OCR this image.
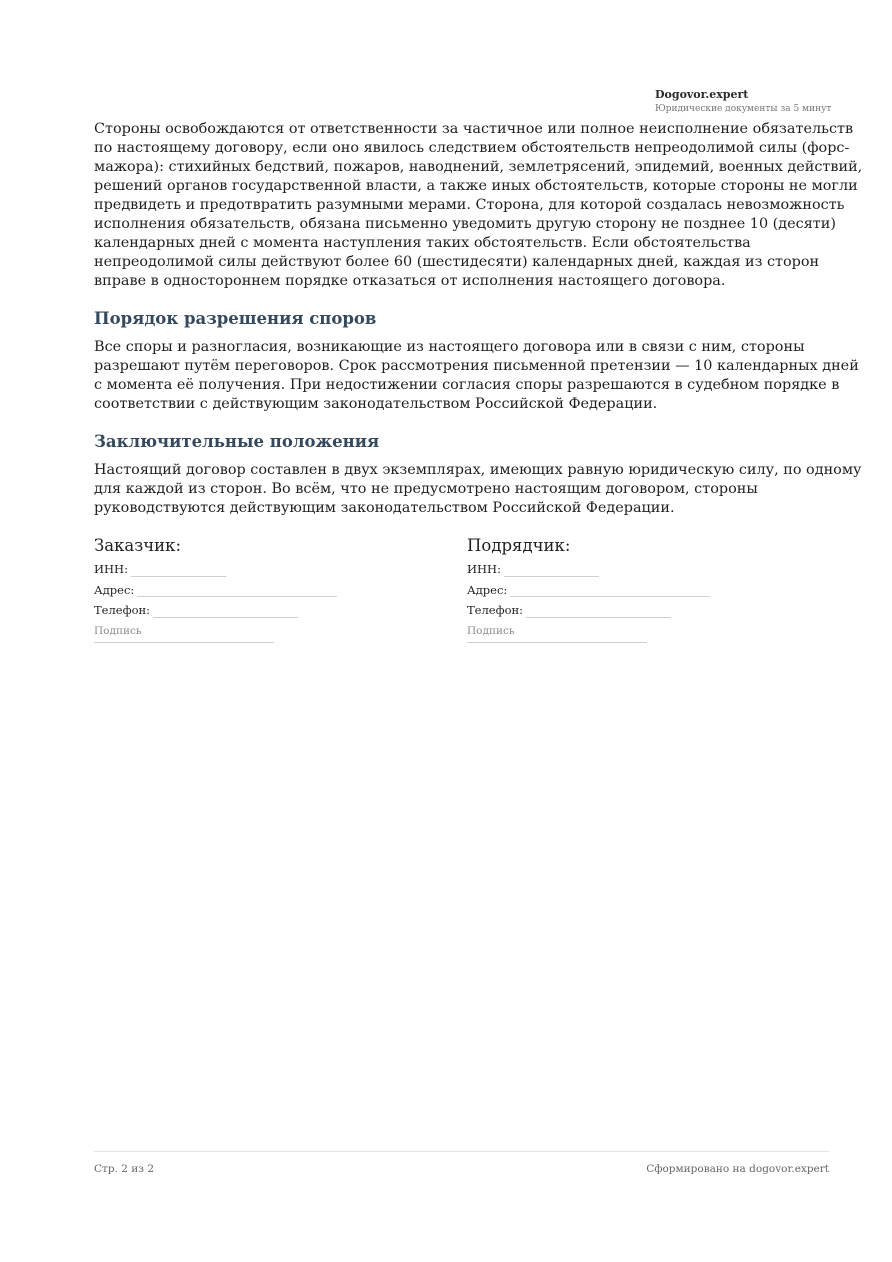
Dogovor.expert
Юридические документы за 5 минут

Стороны освобождаются от ответственности за частичное или полное неисполнение обязательств по настоящему договору, если оно явилось следствием обстоятельств непреодолимой силы (форс-мажора): стихийных бедствий, пожаров, наводнений, землетрясений, эпидемий, военных действий, решений органов государственной власти, а также иных обстоятельств, которые стороны не могли предвидеть и предотвратить разумными мерами. Сторона, для которой создалась невозможность исполнения обязательств, обязана письменно уведомить другую сторону не позднее 10 (десяти) календарных дней с момента наступления таких обстоятельств. Если обстоятельства непреодолимой силы действуют более 60 (шестидесяти) календарных дней, каждая из сторон вправе в одностороннем порядке отказаться от исполнения настоящего договора.

Порядок разрешения споров

Все споры и разногласия, возникающие из настоящего договора или в связи с ним, стороны разрешают путём переговоров. Срок рассмотрения письменной претензии — 10 календарных дней с момента её получения. При недостижении согласия споры разрешаются в судебном порядке в соответствии с действующим законодательством Российской Федерации.

Заключительные положения

Настоящий договор составлен в двух экземплярах, имеющих равную юридическую силу, по одному для каждой из сторон. Во всём, что не предусмотрено настоящим договором, стороны руководствуются действующим законодательством Российской Федерации.

Заказчик:
ИНН:
Адрес:
Телефон:
Подпись
Подрядчик:
ИНН:
Адрес:
Телефон:
Подпись
Стр. 2 из 2	Сформировано на dogovor.expert
